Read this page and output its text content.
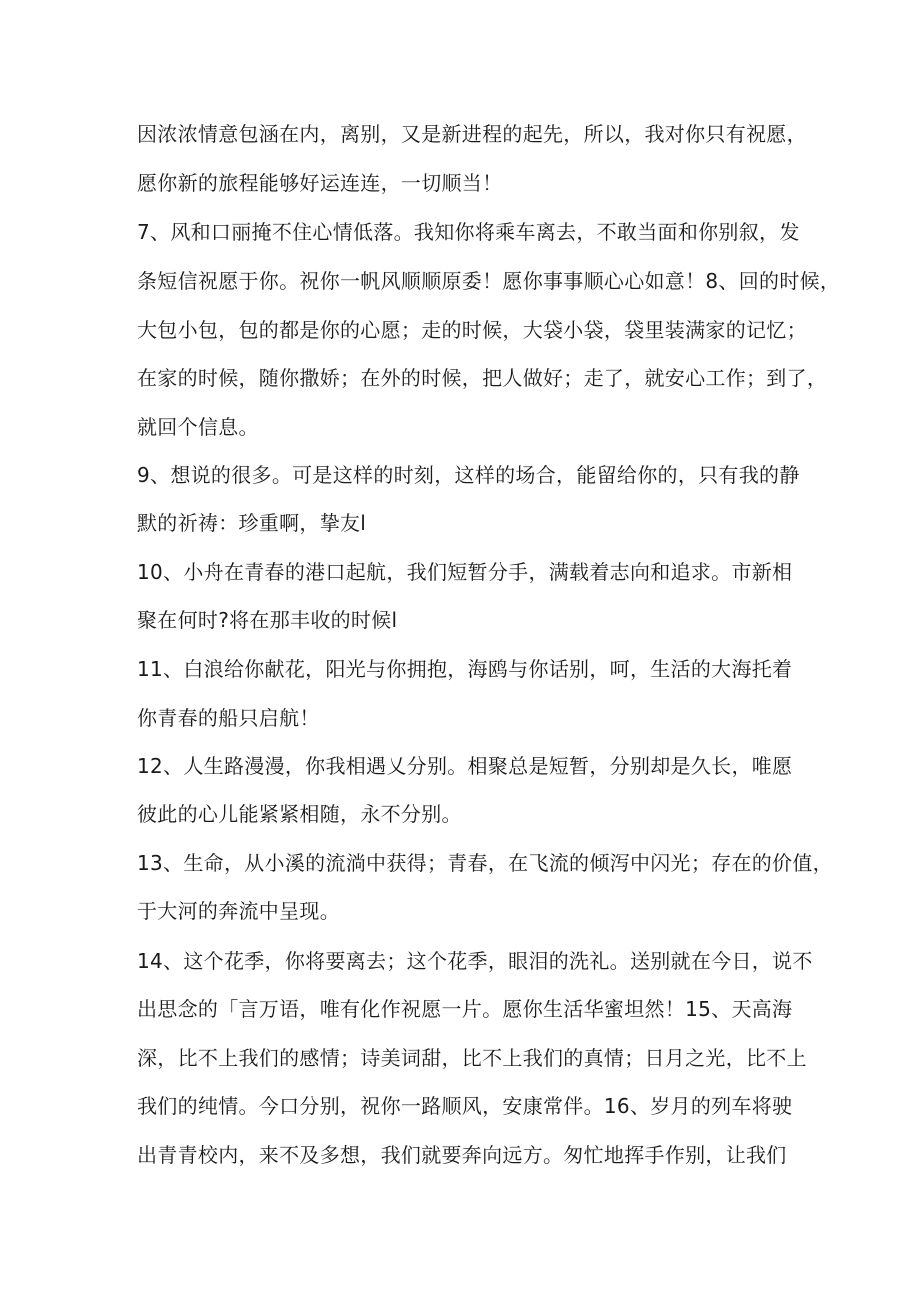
因浓浓情意包涵在内，离别，又是新进程的起先，所以，我对你只有祝愿，
愿你新的旅程能够好运连连，一切顺当！
7、风和口丽掩不住心情低落。我知你将乘车离去，不敢当面和你别叙，发
条短信祝愿于你。祝你一帆风顺顺原委！愿你事事顺心心如意！8、回的时候，
大包小包，包的都是你的心愿；走的时候，大袋小袋，袋里装满家的记忆；
在家的时候，随你撒娇；在外的时候，把人做好；走了，就安心工作；到了，
就回个信息。
9、想说的很多。可是这样的时刻，这样的场合，能留给你的，只有我的静
默的祈祷：珍重啊，挚友l
10、小舟在青春的港口起航，我们短暂分手，满载着志向和追求。市新相
聚在何时?将在那丰收的时候l
11、白浪给你献花，阳光与你拥抱，海鸥与你话别，呵，生活的大海托着
你青春的船只启航！
12、人生路漫漫，你我相遇乂分别。相聚总是短暂，分别却是久长，唯愿
彼此的心儿能紧紧相随，永不分别。
13、生命，从小溪的流淌中获得；青春，在飞流的倾泻中闪光；存在的价值，
于大河的奔流中呈现。
14、这个花季，你将要离去；这个花季，眼泪的洗礼。送别就在今日，说不
出思念的「言万语，唯有化作祝愿一片。愿你生活华蜜坦然！15、天高海
深，比不上我们的感情；诗美词甜，比不上我们的真情；日月之光，比不上
我们的纯情。今口分别，祝你一路顺风，安康常伴。16、岁月的列车将驶
出青青校内，来不及多想，我们就要奔向远方。匆忙地挥手作别，让我们
